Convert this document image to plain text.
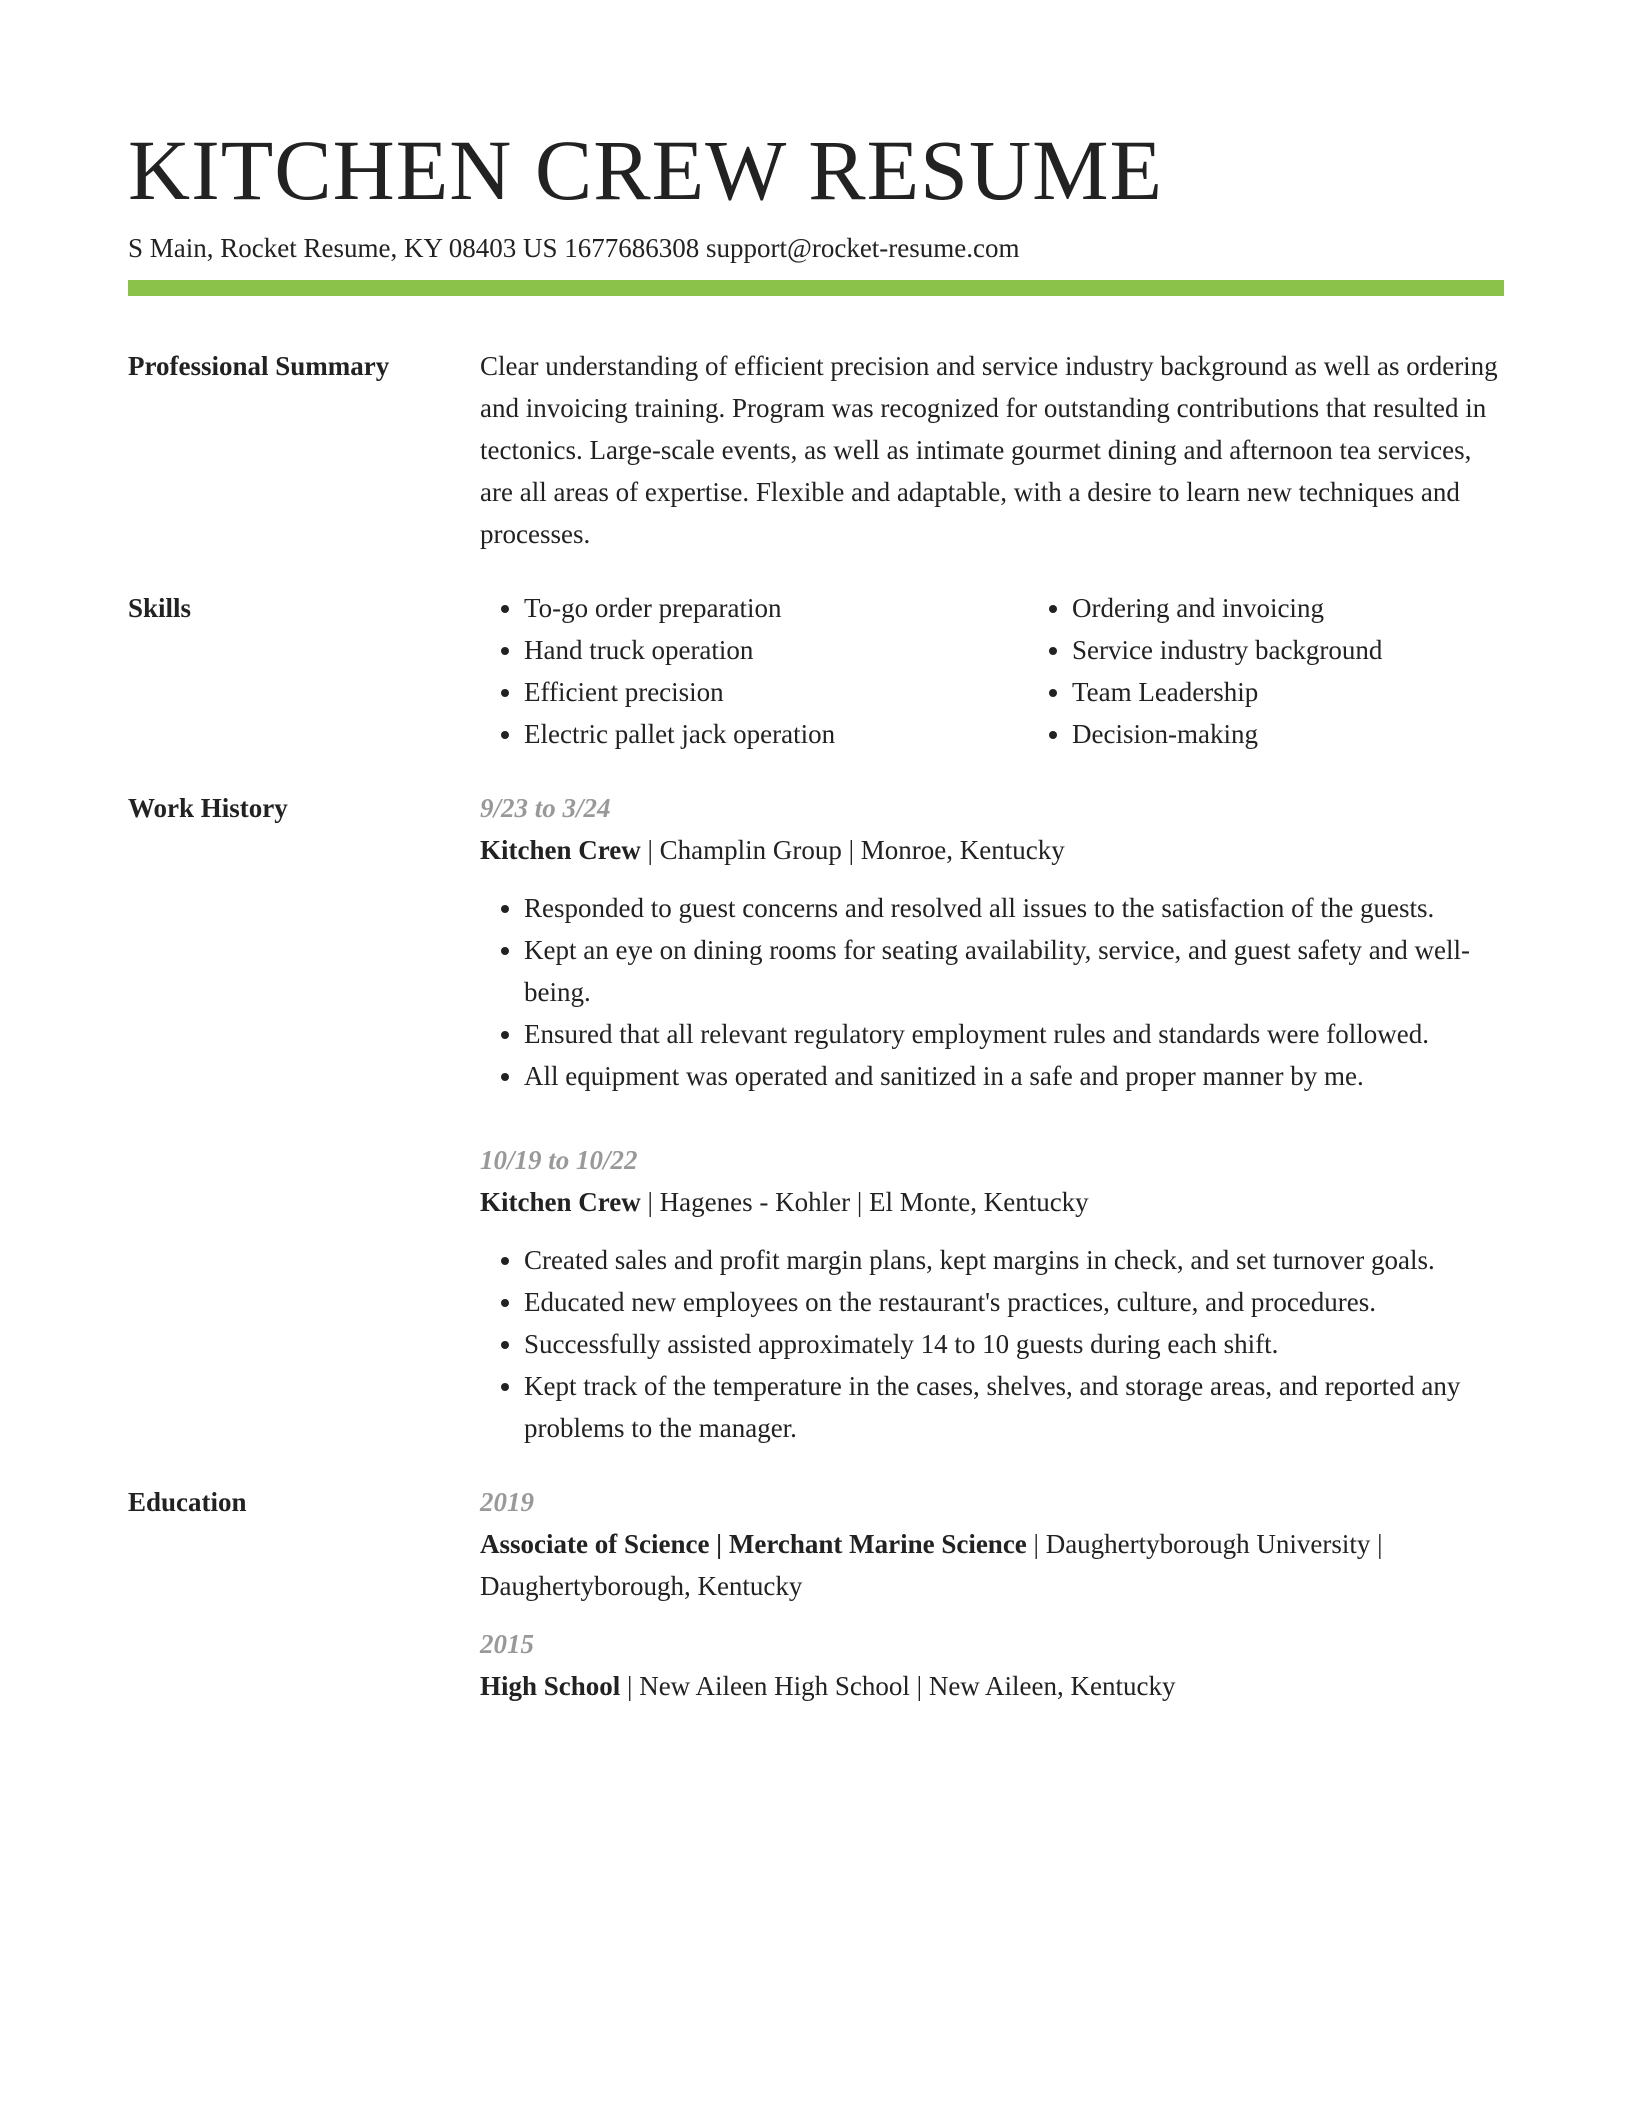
KITCHEN CREW RESUME
S Main, Rocket Resume, KY 08403 US 1677686308 support@rocket-resume.com
Professional Summary	Clear understanding of efficient precision and service industry background as well as ordering and invoicing training. Program was recognized for outstanding contributions that resulted in tectonics. Large-scale events, as well as intimate gourmet dining and afternoon tea services, are all areas of expertise. Flexible and adaptable, with a desire to learn new techniques and processes.
Skills
•	To-go order preparation
• Hand truck operation
• Efficient precision
• Electric pallet jack operation
• Ordering and invoicing
• Service industry background
• Team Leadership
• Decision-making
Work History	9/23 to 3/24
Kitchen Crew | Champlin Group | Monroe, Kentucky
• Responded to guest concerns and resolved all issues to the satisfaction of the guests.
• Kept an eye on dining rooms for seating availability, service, and guest safety and well-being.
• Ensured that all relevant regulatory employment rules and standards were followed.
• All equipment was operated and sanitized in a safe and proper manner by me.
10/19 to 10/22
Kitchen Crew | Hagenes - Kohler | El Monte, Kentucky
• Created sales and profit margin plans, kept margins in check, and set turnover goals.
• Educated new employees on the restaurant's practices, culture, and procedures.
• Successfully assisted approximately 14 to 10 guests during each shift.
• Kept track of the temperature in the cases, shelves, and storage areas, and reported any problems to the manager.
Education	2019
Associate of Science | Merchant Marine Science | Daughertyborough University | Daughertyborough, Kentucky
2015
High School | New Aileen High School | New Aileen, Kentucky
